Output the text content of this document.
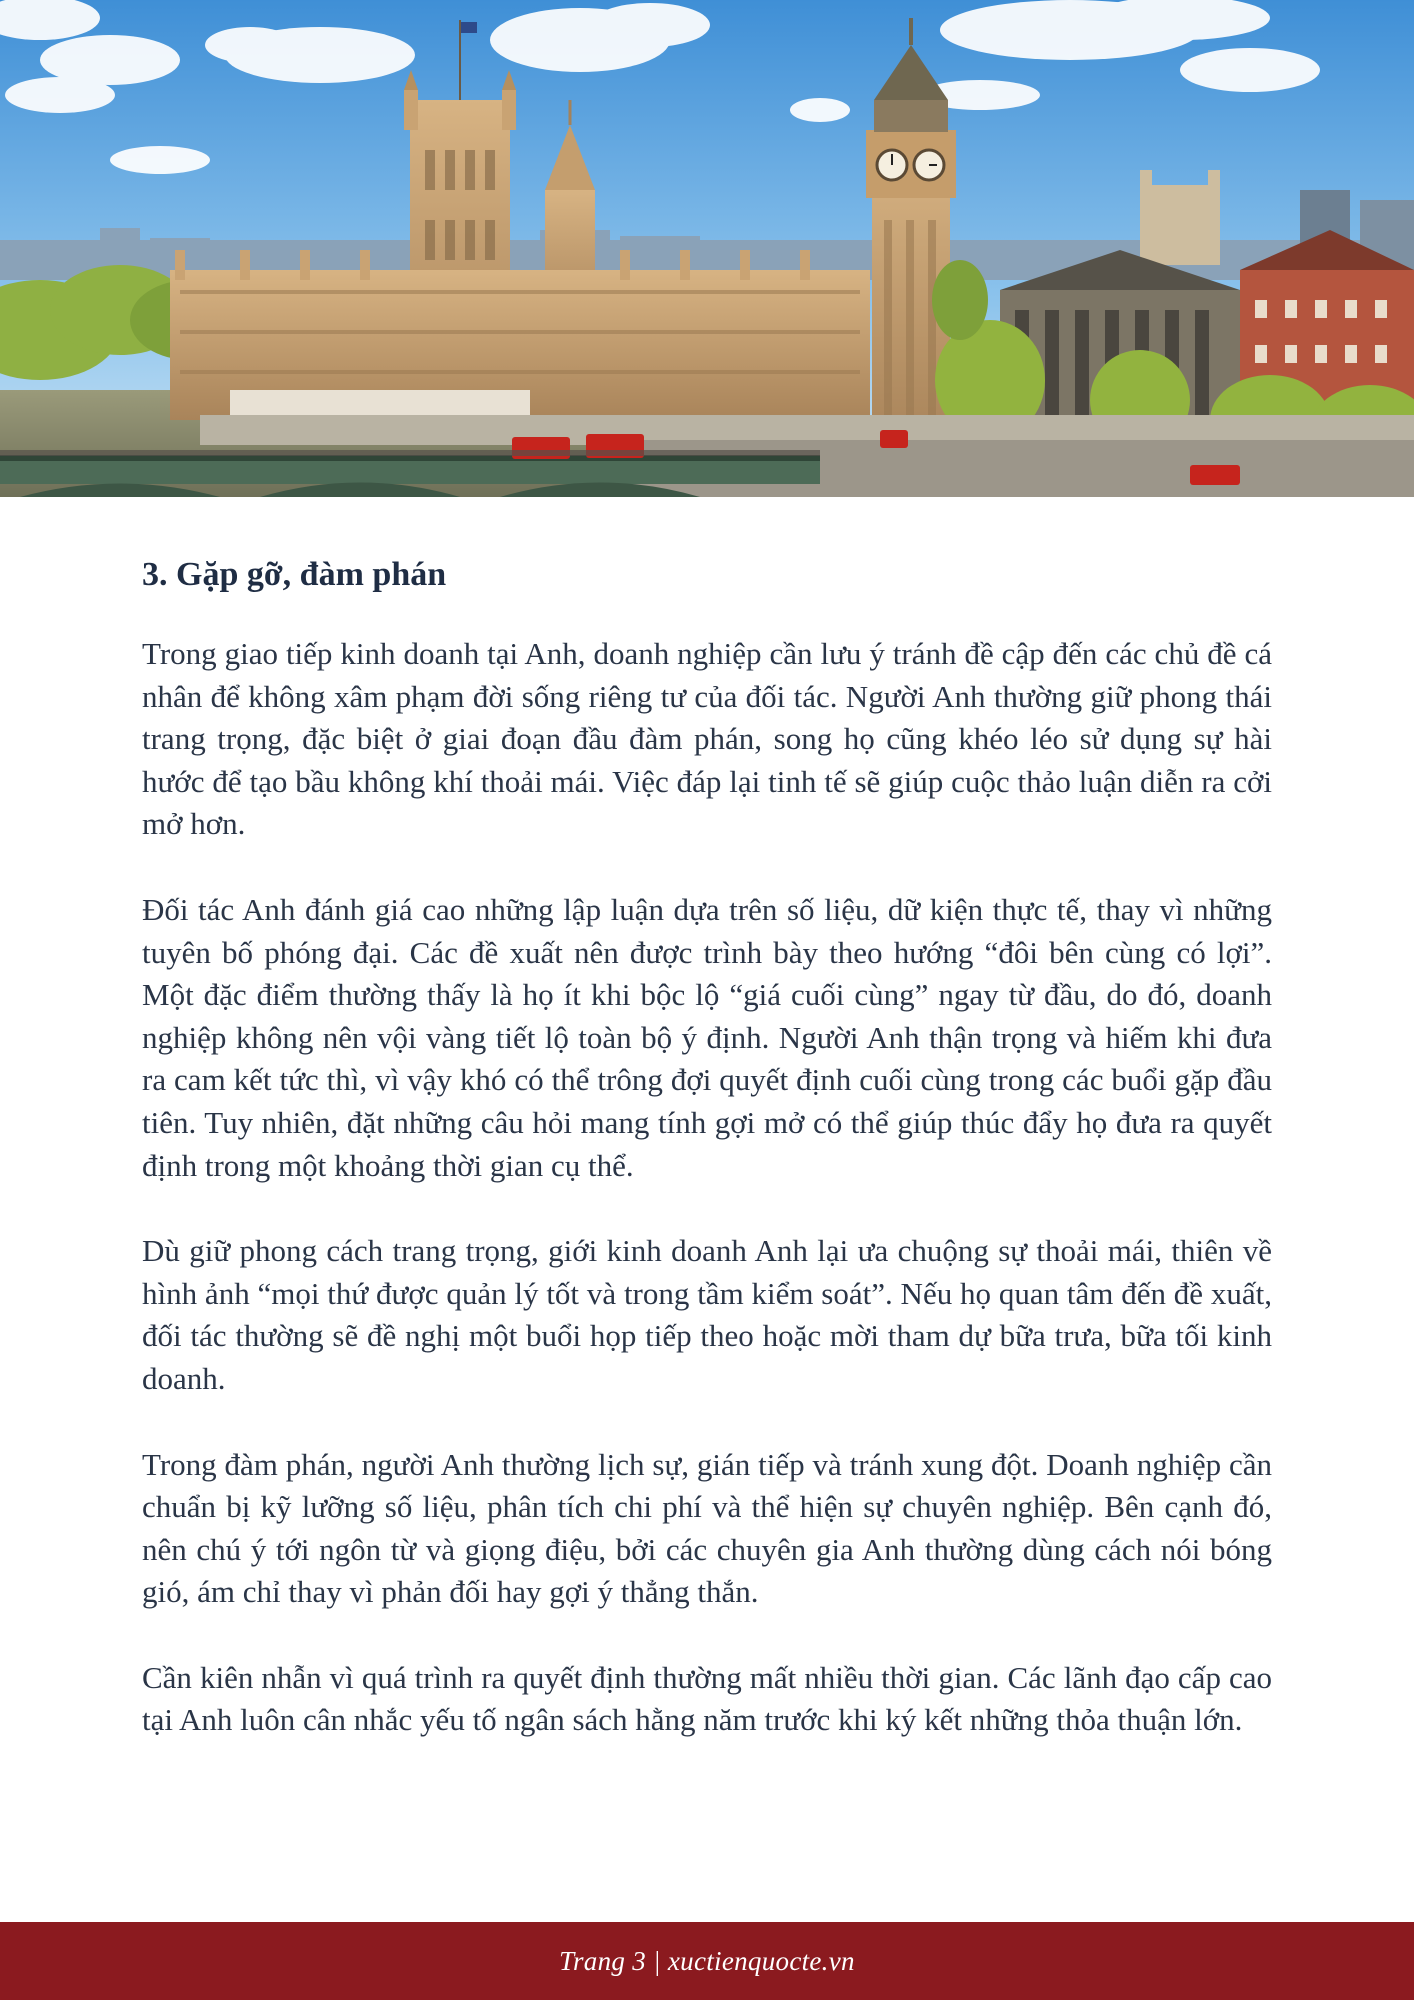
3. Gặp gỡ, đàm phán

Trong giao tiếp kinh doanh tại Anh, doanh nghiệp cần lưu ý tránh đề cập đến các chủ đề cá nhân để không xâm phạm đời sống riêng tư của đối tác. Người Anh thường giữ phong thái trang trọng, đặc biệt ở giai đoạn đầu đàm phán, song họ cũng khéo léo sử dụng sự hài hước để tạo bầu không khí thoải mái. Việc đáp lại tinh tế sẽ giúp cuộc thảo luận diễn ra cởi mở hơn.

Đối tác Anh đánh giá cao những lập luận dựa trên số liệu, dữ kiện thực tế, thay vì những tuyên bố phóng đại. Các đề xuất nên được trình bày theo hướng “đôi bên cùng có lợi”. Một đặc điểm thường thấy là họ ít khi bộc lộ “giá cuối cùng” ngay từ đầu, do đó, doanh nghiệp không nên vội vàng tiết lộ toàn bộ ý định. Người Anh thận trọng và hiếm khi đưa ra cam kết tức thì, vì vậy khó có thể trông đợi quyết định cuối cùng trong các buổi gặp đầu tiên. Tuy nhiên, đặt những câu hỏi mang tính gợi mở có thể giúp thúc đẩy họ đưa ra quyết định trong một khoảng thời gian cụ thể.

Dù giữ phong cách trang trọng, giới kinh doanh Anh lại ưa chuộng sự thoải mái, thiên về hình ảnh “mọi thứ được quản lý tốt và trong tầm kiểm soát”. Nếu họ quan tâm đến đề xuất, đối tác thường sẽ đề nghị một buổi họp tiếp theo hoặc mời tham dự bữa trưa, bữa tối kinh doanh.

Trong đàm phán, người Anh thường lịch sự, gián tiếp và tránh xung đột. Doanh nghiệp cần chuẩn bị kỹ lưỡng số liệu, phân tích chi phí và thể hiện sự chuyên nghiệp. Bên cạnh đó, nên chú ý tới ngôn từ và giọng điệu, bởi các chuyên gia Anh thường dùng cách nói bóng gió, ám chỉ thay vì phản đối hay gợi ý thẳng thắn.

Cần kiên nhẫn vì quá trình ra quyết định thường mất nhiều thời gian. Các lãnh đạo cấp cao tại Anh luôn cân nhắc yếu tố ngân sách hằng năm trước khi ký kết những thỏa thuận lớn.

Trang 3 | xuctienquocte.vn
